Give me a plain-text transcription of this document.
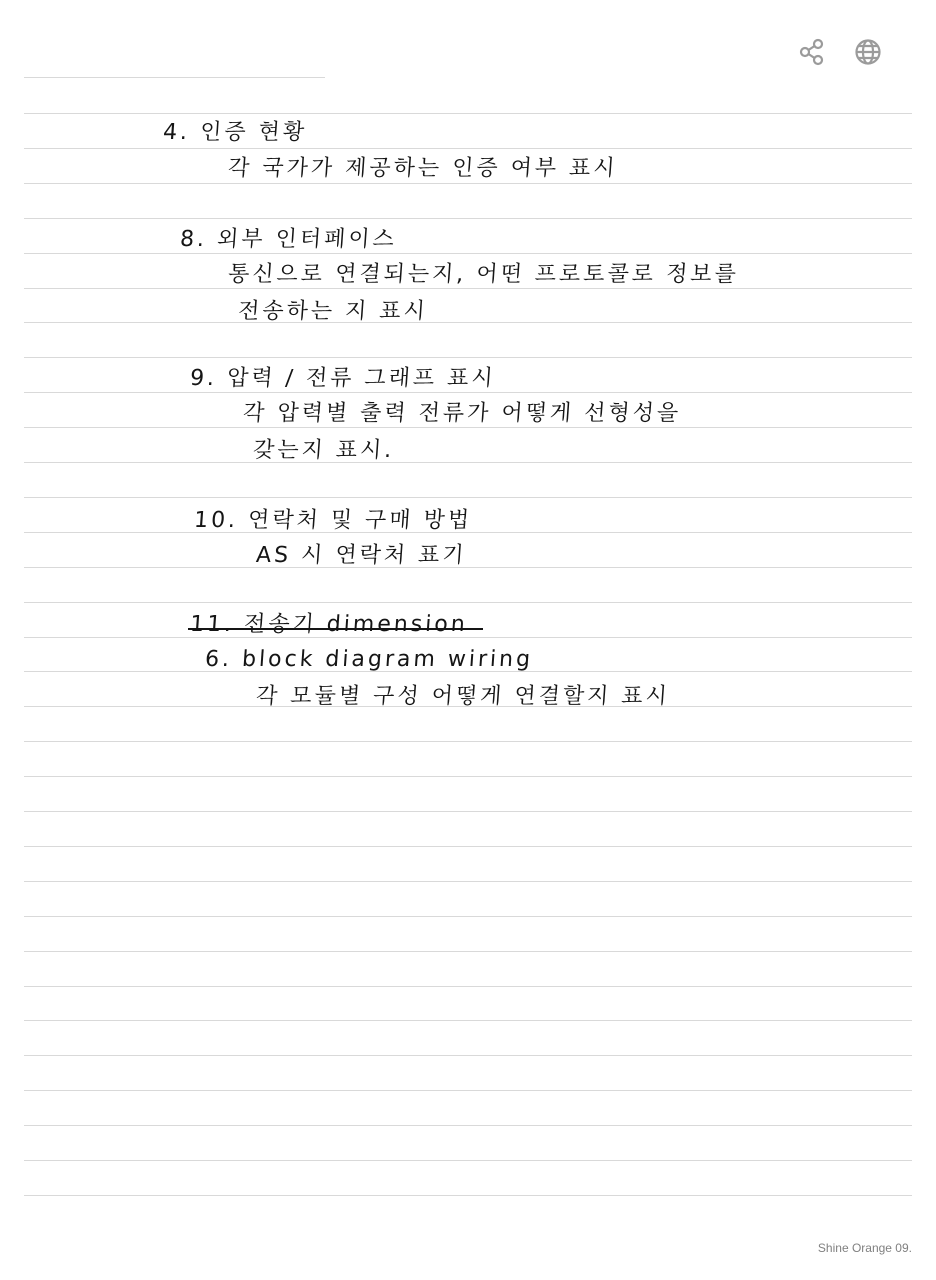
4. 인증 현황
각 국가가 제공하는 인증 여부 표시
8. 외부 인터페이스
통신으로 연결되는지, 어떤 프로토콜로 정보를
전송하는 지 표시
9. 압력 / 전류 그래프 표시
각 압력별 출력 전류가 어떻게 선형성을
갖는지 표시.
10. 연락처 및 구매 방법
AS 시 연락처 표기
11. 전송기 dimension
6. block diagram wiring
각 모듈별 구성 어떻게 연결할지 표시
Shine Orange 09.
